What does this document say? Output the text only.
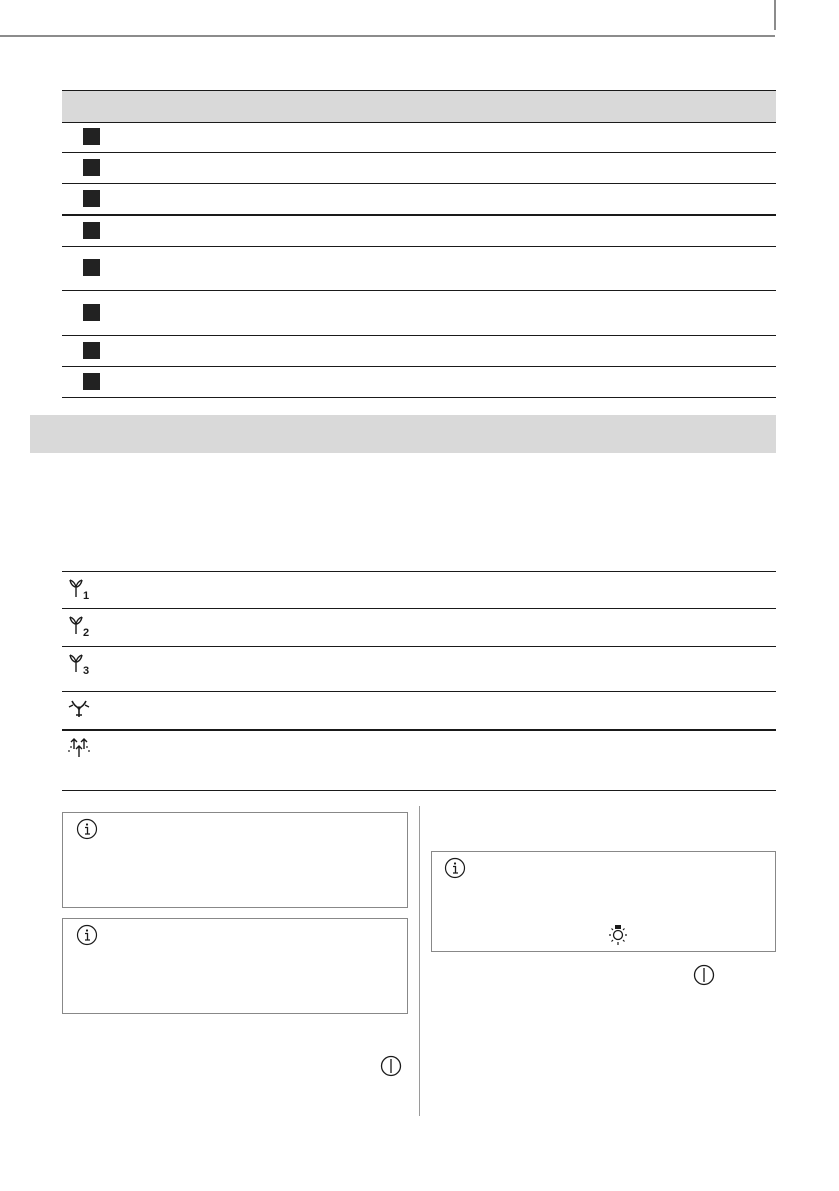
1
2
3
